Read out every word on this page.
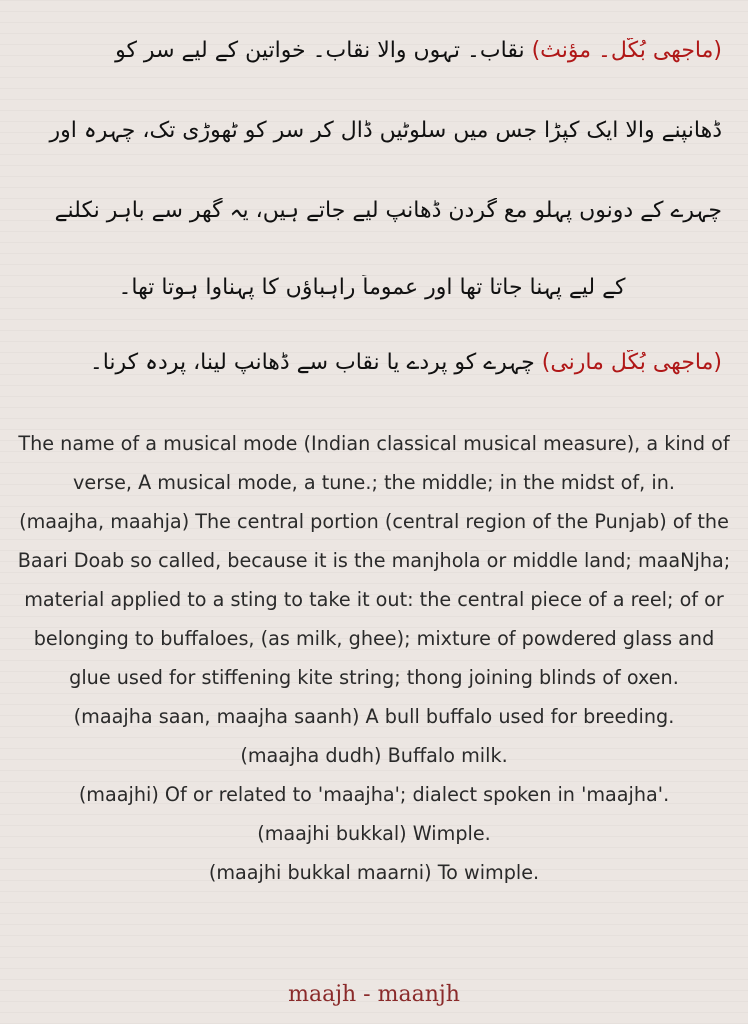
(ماجھی بُکّل۔ مؤنث) نقاب۔ تہوں والا نقاب۔ خواتین کے لیے سر کو
ڈھانپنے والا ایک کپڑا جس میں سلوٹیں ڈال کر سر کو ٹھوڑی تک، چہرہ اور
چہرے کے دونوں پہلو مع گردن ڈھانپ لیے جاتے ہیں، یہ گھر سے باہر نکلنے
کے لیے پہنا جاتا تھا اور عموماً راہباؤں کا پہناوا ہوتا تھا۔
(ماجھی بُکّل مارنی) چہرے کو پردے یا نقاب سے ڈھانپ لینا، پردہ کرنا۔

The name of a musical mode (Indian classical musical measure), a kind of verse, A musical mode, a tune.; the middle; in the midst of, in.

(maajha, maahja) The central portion (central region of the Punjab) of the Baari Doab so called, because it is the manjhola or middle land; maaNjha; material applied to a sting to take it out: the central piece of a reel; of or belonging to buffaloes, (as milk, ghee); mixture of powdered glass and glue used for stiffening kite string; thong joining blinds of oxen.

(maajha saan, maajha saanh) A bull buffalo used for breeding.

(maajha dudh) Buffalo milk.

(maajhi) Of or related to 'maajha'; dialect spoken in 'maajha'.

(maajhi bukkal) Wimple.

(maajhi bukkal maarni) To wimple.

maajh - maanjh
